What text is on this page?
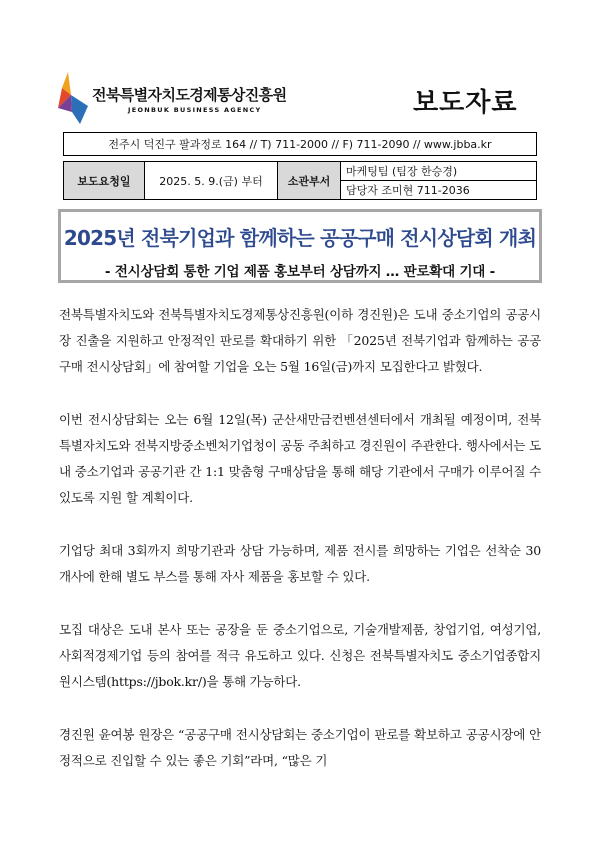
전북특별자치도경제통상진흥원
JEONBUK BUSINESS AGENCY	보도자료
전주시 덕진구 팔과정로 164 // T) 711-2000 // F) 711-2090 // www.jbba.kr
보도요청일	2025. 5. 9.(금) 부터	소관부서	마케팅팀 (팀장 한승경)
담당자 조미현 711-2036
2025년 전북기업과 함께하는 공공구매 전시상담회 개최
- 전시상담회 통한 기업 제품 홍보부터 상담까지 … 판로확대 기대 -

전북특별자치도와 전북특별자치도경제통상진흥원(이하 경진원)은 도내 중소기업의 공공시장 진출을 지원하고 안정적인 판로를 확대하기 위한 「2025년 전북기업과 함께하는 공공구매 전시상담회」에 참여할 기업을 오는 5월 16일(금)까지 모집한다고 밝혔다.

이번 전시상담회는 오는 6월 12일(목) 군산새만금컨벤션센터에서 개최될 예정이며, 전북특별자치도와 전북지방중소벤처기업청이 공동 주최하고 경진원이 주관한다. 행사에서는 도내 중소기업과 공공기관 간 1:1 맞춤형 구매상담을 통해 해당 기관에서 구매가 이루어질 수 있도록 지원 할 계획이다.

기업당 최대 3회까지 희망기관과 상담 가능하며, 제품 전시를 희망하는 기업은 선착순 30개사에 한해 별도 부스를 통해 자사 제품을 홍보할 수 있다.

모집 대상은 도내 본사 또는 공장을 둔 중소기업으로, 기술개발제품, 창업기업, 여성기업, 사회적경제기업 등의 참여를 적극 유도하고 있다. 신청은 전북특별자치도 중소기업종합지원시스템(https://jbok.kr/)을 통해 가능하다.

경진원 윤여봉 원장은 “공공구매 전시상담회는 중소기업이 판로를 확보하고 공공시장에 안정적으로 진입할 수 있는 좋은 기회”라며, “많은 기
